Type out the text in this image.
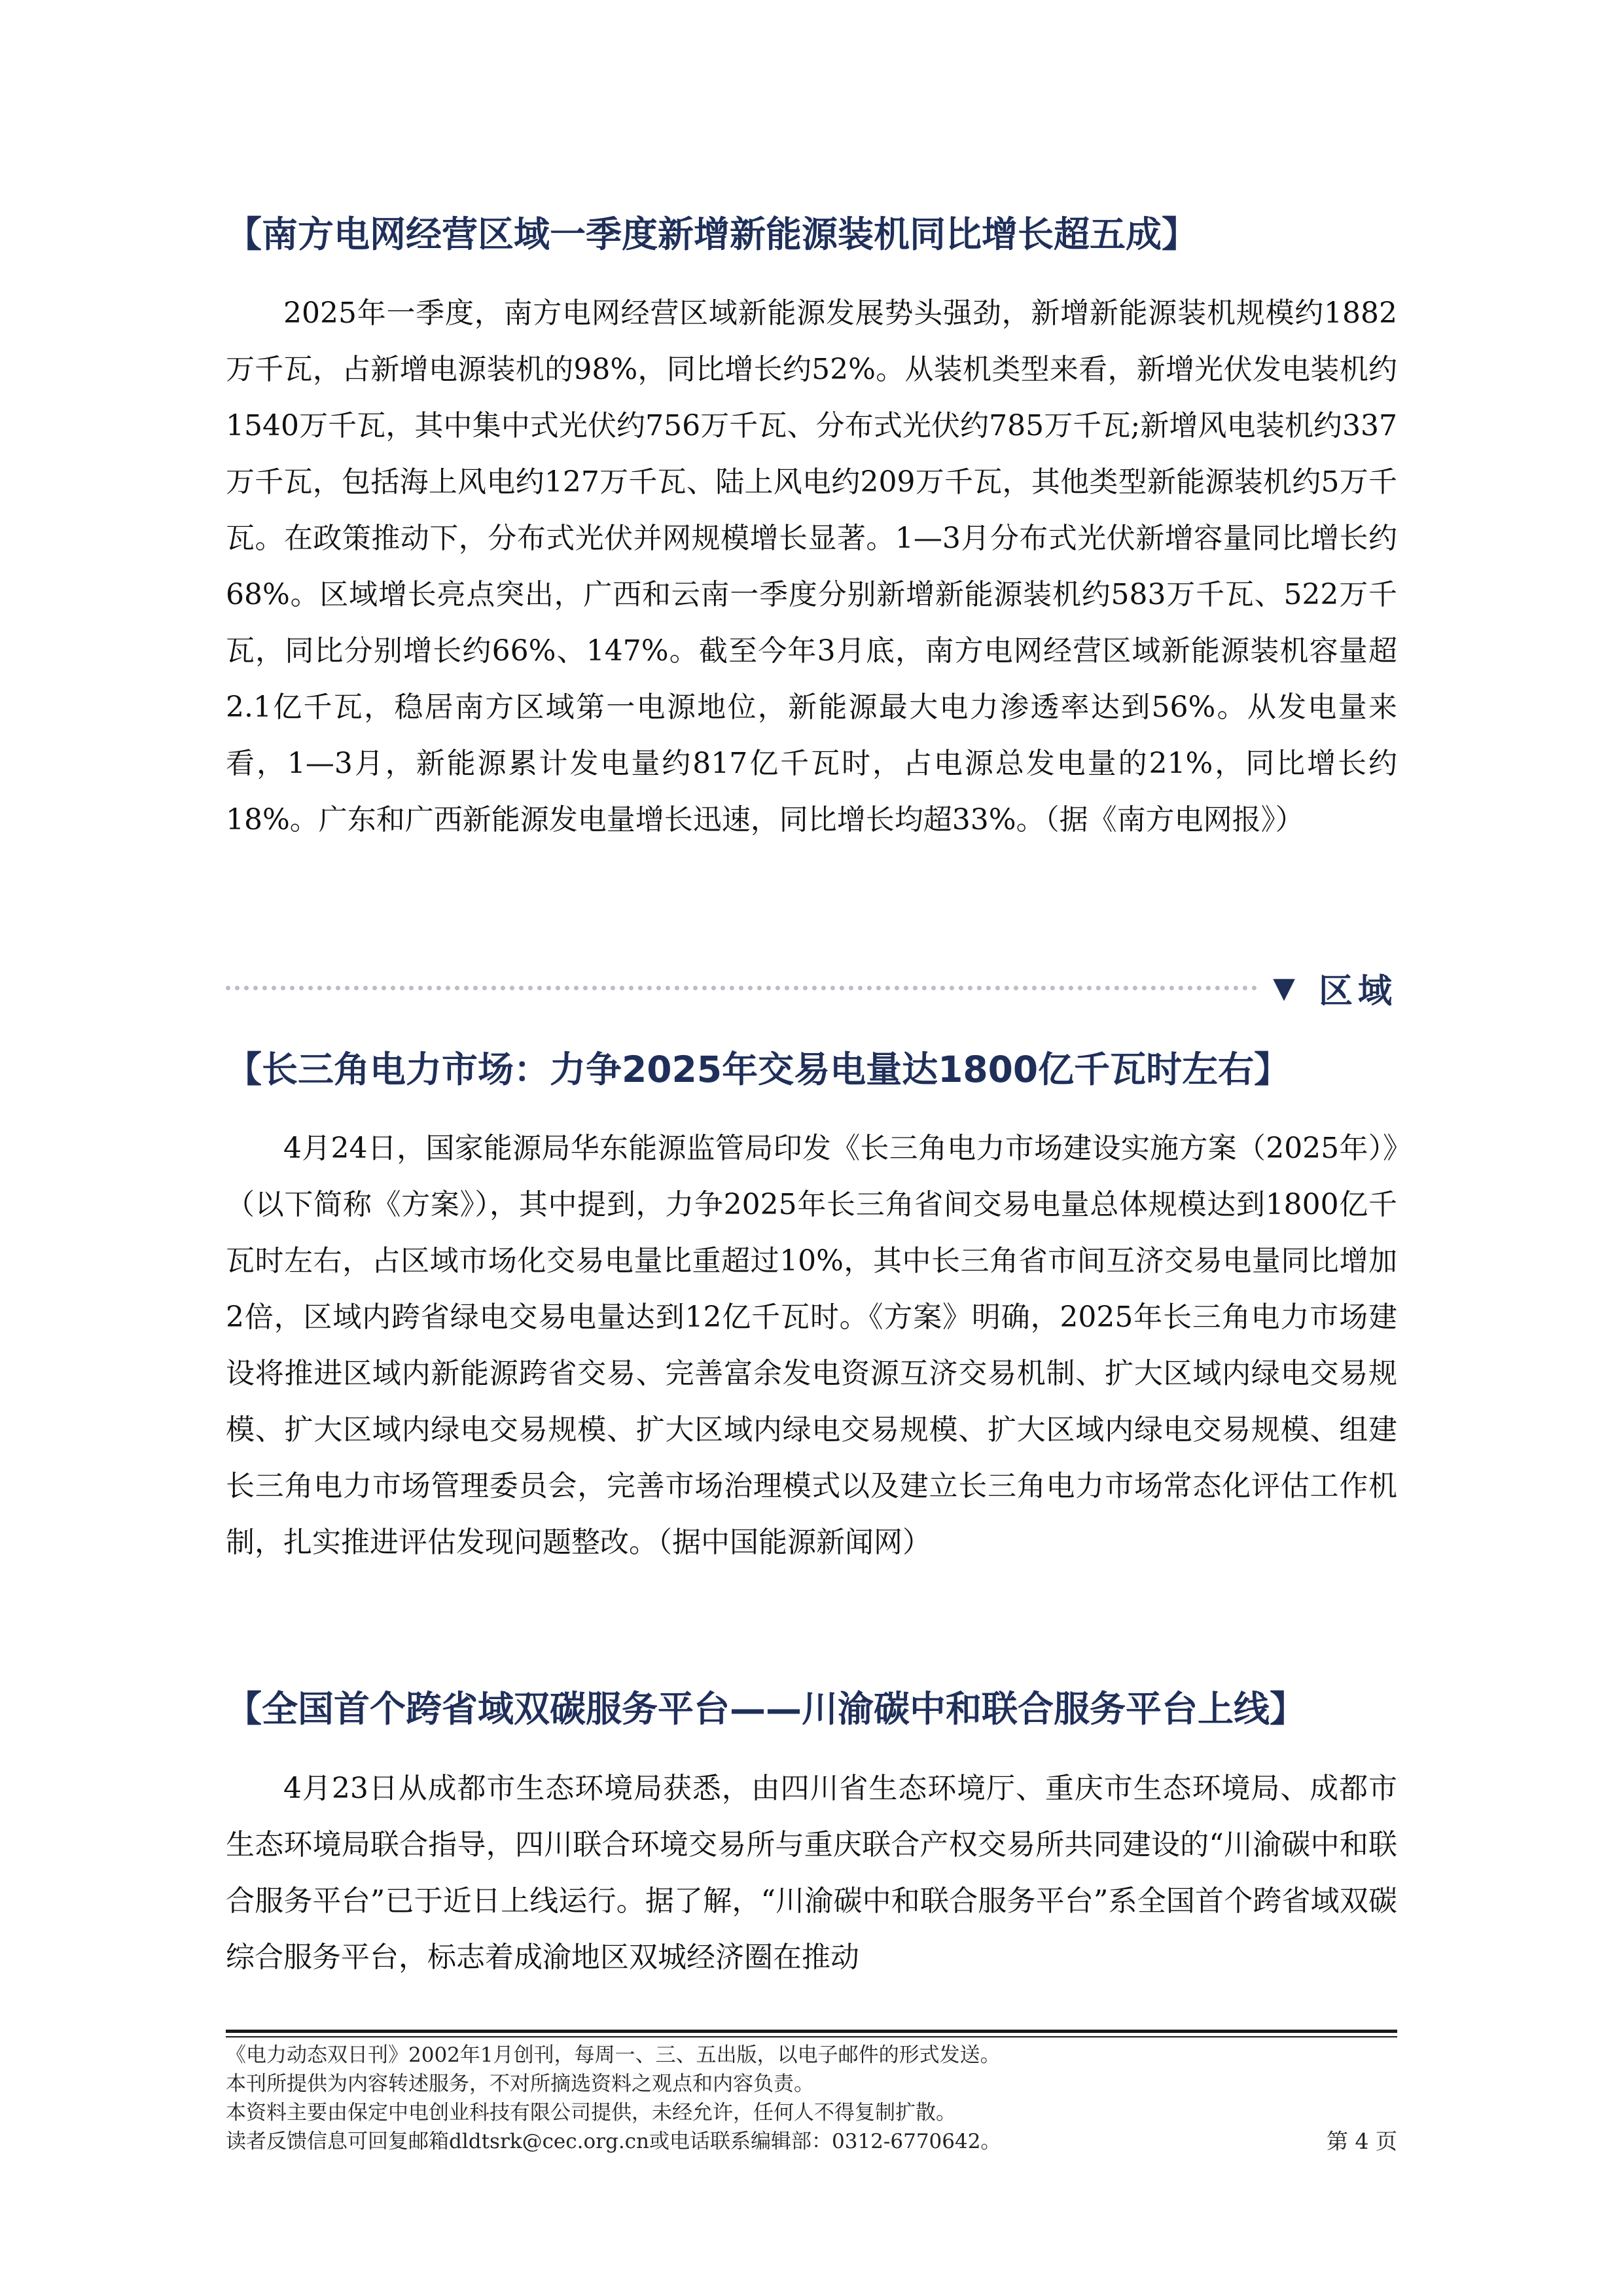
【南方电网经营区域一季度新增新能源装机同比增长超五成】

2025年一季度，南方电网经营区域新能源发展势头强劲，新增新能源装机规模约1882万千瓦，占新增电源装机的98%，同比增长约52%。从装机类型来看，新增光伏发电装机约1540万千瓦，其中集中式光伏约756万千瓦、分布式光伏约785万千瓦;新增风电装机约337万千瓦，包括海上风电约127万千瓦、陆上风电约209万千瓦，其他类型新能源装机约5万千瓦。在政策推动下，分布式光伏并网规模增长显著。1—3月分布式光伏新增容量同比增长约68%。区域增长亮点突出，广西和云南一季度分别新增新能源装机约583万千瓦、522万千瓦，同比分别增长约66%、147%。截至今年3月底，南方电网经营区域新能源装机容量超2.1亿千瓦，稳居南方区域第一电源地位，新能源最大电力渗透率达到56%。从发电量来看，1—3月，新能源累计发电量约817亿千瓦时，占电源总发电量的21%，同比增长约18%。广东和广西新能源发电量增长迅速，同比增长均超33%。（据《南方电网报》）

▼ 区域
【长三角电力市场：力争2025年交易电量达1800亿千瓦时左右】

4月24日，国家能源局华东能源监管局印发《长三角电力市场建设实施方案（2025年）》（以下简称《方案》），其中提到，力争2025年长三角省间交易电量总体规模达到1800亿千瓦时左右，占区域市场化交易电量比重超过10%，其中长三角省市间互济交易电量同比增加2倍，区域内跨省绿电交易电量达到12亿千瓦时。《方案》明确，2025年长三角电力市场建设将推进区域内新能源跨省交易、完善富余发电资源互济交易机制、扩大区域内绿电交易规模、扩大区域内绿电交易规模、扩大区域内绿电交易规模、扩大区域内绿电交易规模、组建长三角电力市场管理委员会，完善市场治理模式以及建立长三角电力市场常态化评估工作机制，扎实推进评估发现问题整改。（据中国能源新闻网）

【全国首个跨省域双碳服务平台——川渝碳中和联合服务平台上线】

4月23日从成都市生态环境局获悉，由四川省生态环境厅、重庆市生态环境局、成都市生态环境局联合指导，四川联合环境交易所与重庆联合产权交易所共同建设的“川渝碳中和联合服务平台”已于近日上线运行。据了解，“川渝碳中和联合服务平台”系全国首个跨省域双碳综合服务平台，标志着成渝地区双城经济圈在推动

《电力动态双日刊》2002年1月创刊，每周一、三、五出版，以电子邮件的形式发送。
本刊所提供为内容转述服务，不对所摘选资料之观点和内容负责。
本资料主要由保定中电创业科技有限公司提供，未经允许，任何人不得复制扩散。
读者反馈信息可回复邮箱dldtsrk@cec.org.cn或电话联系编辑部：0312-6770642。	第 4 页
